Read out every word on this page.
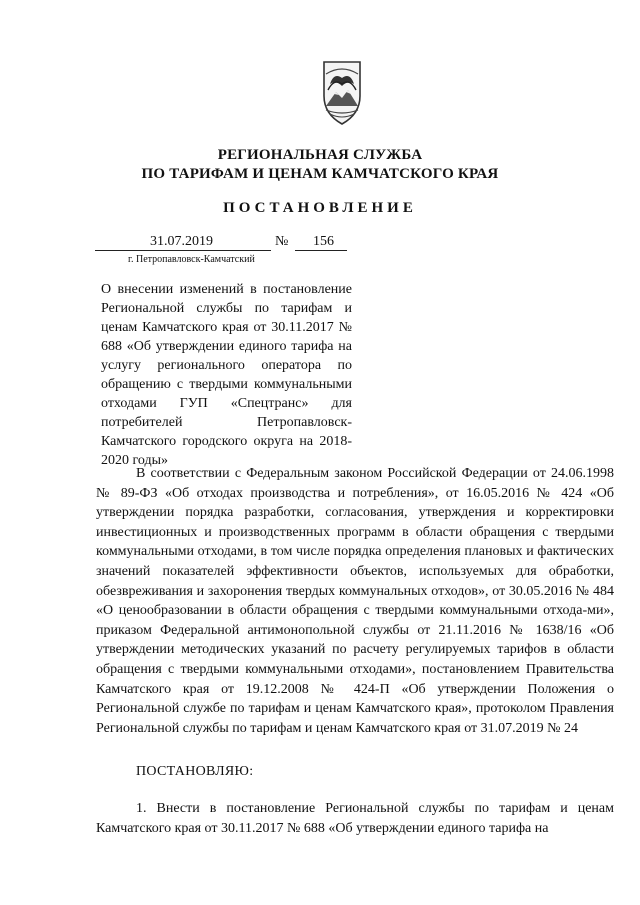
РЕГИОНАЛЬНАЯ СЛУЖБА
ПО ТАРИФАМ И ЦЕНАМ КАМЧАТСКОГО КРАЯ
ПОСТАНОВЛЕНИЕ
31.07.2019	№ 156
г. Петропавловск-Камчатский
О внесении изменений в постановление Региональной службы по тарифам и ценам Камчатского края от 30.11.2017 № 688 «Об утверждении единого тарифа на услугу регионального оператора по обращению с твердыми коммунальными отходами ГУП «Спецтранс» для потребителей Петропавловск-Камчатского городского округа на 2018-2020 годы»
В соответствии с Федеральным законом Российской Федерации от 24.06.1998 № 89-ФЗ «Об отходах производства и потребления», от 16.05.2016 № 424 «Об утверждении порядка разработки, согласования, утверждения и корректировки инвестиционных и производственных программ в области обращения с твердыми коммунальными отходами, в том числе порядка определения плановых и фактических значений показателей эффективности объектов, используемых для обработки, обезвреживания и захоронения твердых коммунальных отходов», от 30.05.2016 № 484 «О ценообразовании в области обращения с твердыми коммунальными отхода-ми», приказом Федеральной антимонопольной службы от 21.11.2016 № 1638/16 «Об утверждении методических указаний по расчету регулируемых тарифов в области обращения с твердыми коммунальными отходами», постановлением Правительства Камчатского края от 19.12.2008 № 424-П «Об утверждении Положения о Региональной службе по тарифам и ценам Камчатского края», протоколом Правления Региональной службы по тарифам и ценам Камчатского края от 31.07.2019 № 24
ПОСТАНОВЛЯЮ:
1. Внести в постановление Региональной службы по тарифам и ценам Камчатского края от 30.11.2017 № 688 «Об утверждении единого тарифа на
